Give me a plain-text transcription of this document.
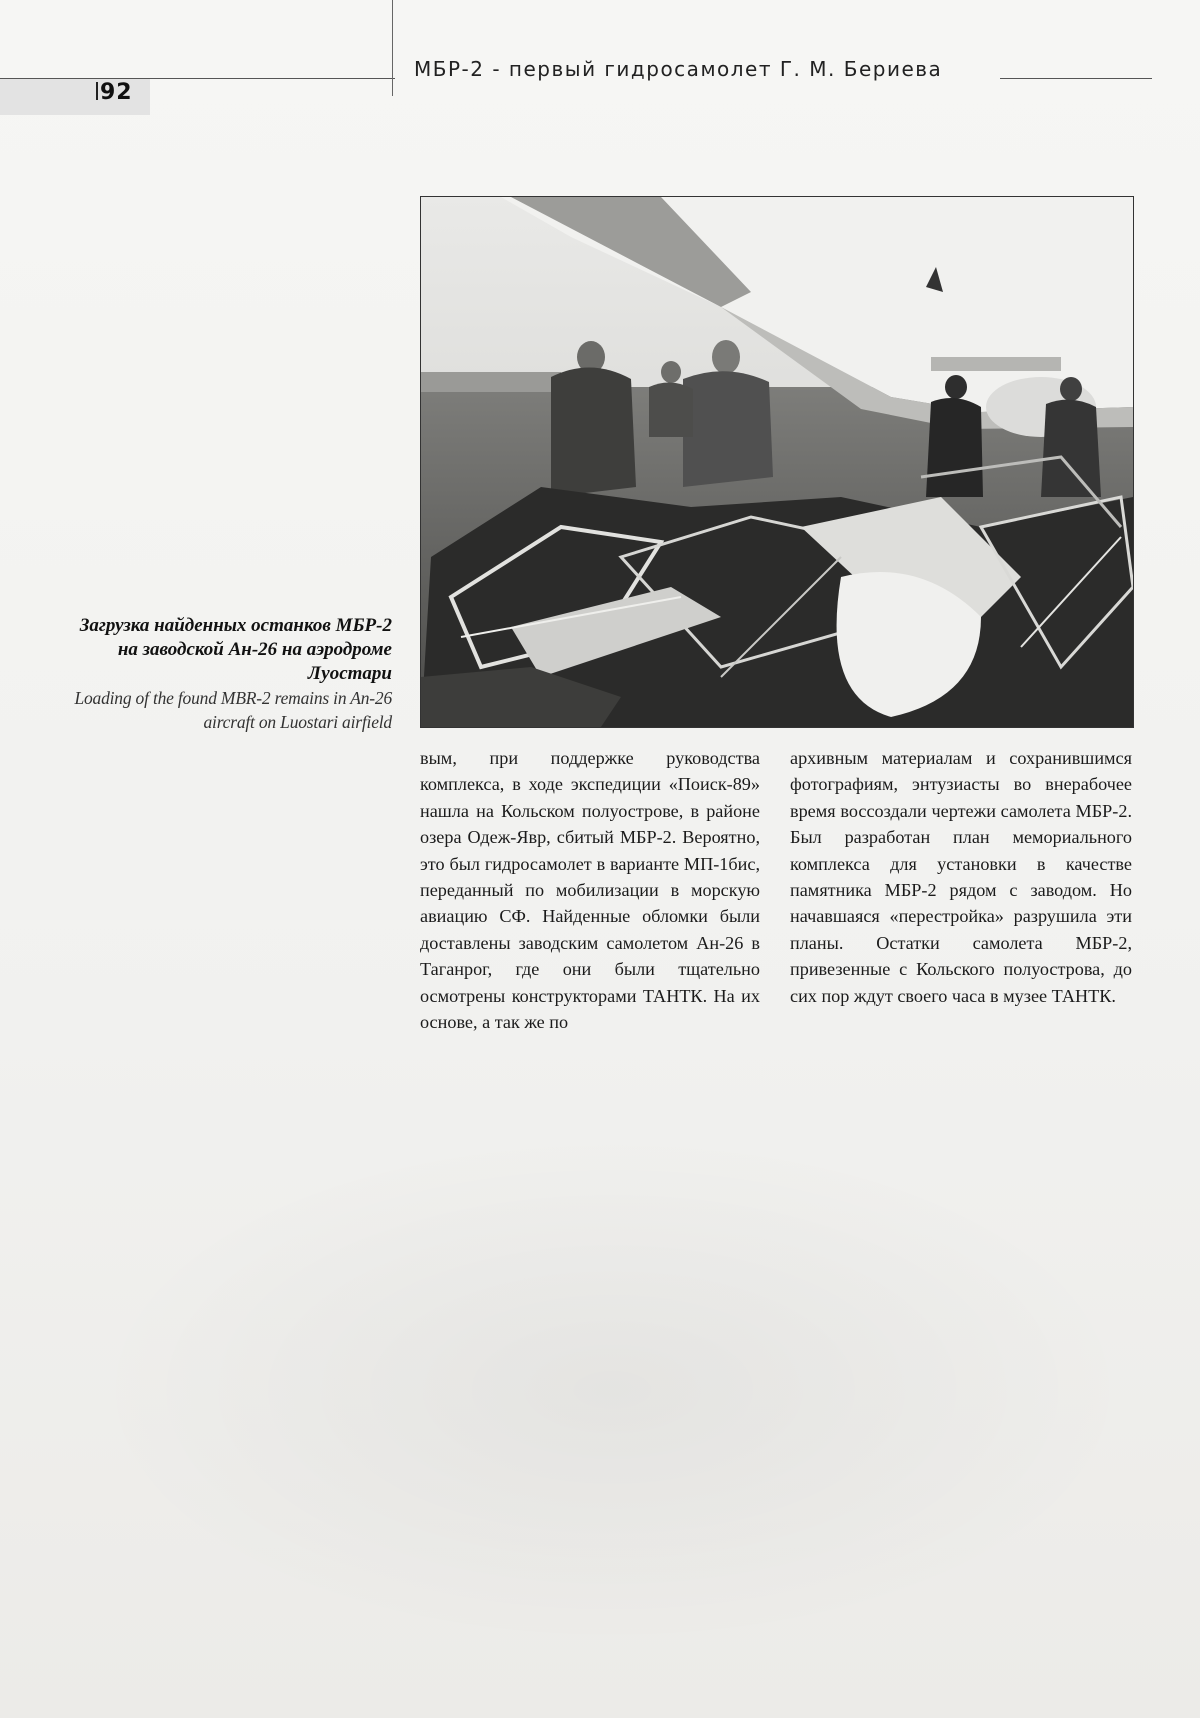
92
МБР-2 - первый гидросамолет Г. М. Бериева
Загрузка найденных останков МБР-2 на заводской Ан-26 на аэродроме Луостари
Loading of the found MBR-2 remains in An-26 aircraft on Luostari airfield
вым, при поддержке руководства комплекса, в ходе экспедиции «Поиск-89» нашла на Кольском полуострове, в районе озера Одеж-Явр, сбитый МБР-2. Вероятно, это был гидросамолет в варианте МП-1бис, переданный по мобилизации в морскую авиацию СФ. Найденные обломки были доставлены заводским самолетом Ан-26 в Таганрог, где они были тщательно осмотрены конструкторами ТАНТК. На их основе, а так же по
архивным материалам и сохранившимся фотографиям, энтузиасты во внерабочее время воссоздали чертежи самолета МБР-2. Был разработан план мемориального комплекса для установки в качестве памятника МБР-2 рядом с заводом. Но начавшаяся «перестройка» разрушила эти планы. Остатки самолета МБР-2, привезенные с Кольского полуострова, до сих пор ждут своего часа в музее ТАНТК.
